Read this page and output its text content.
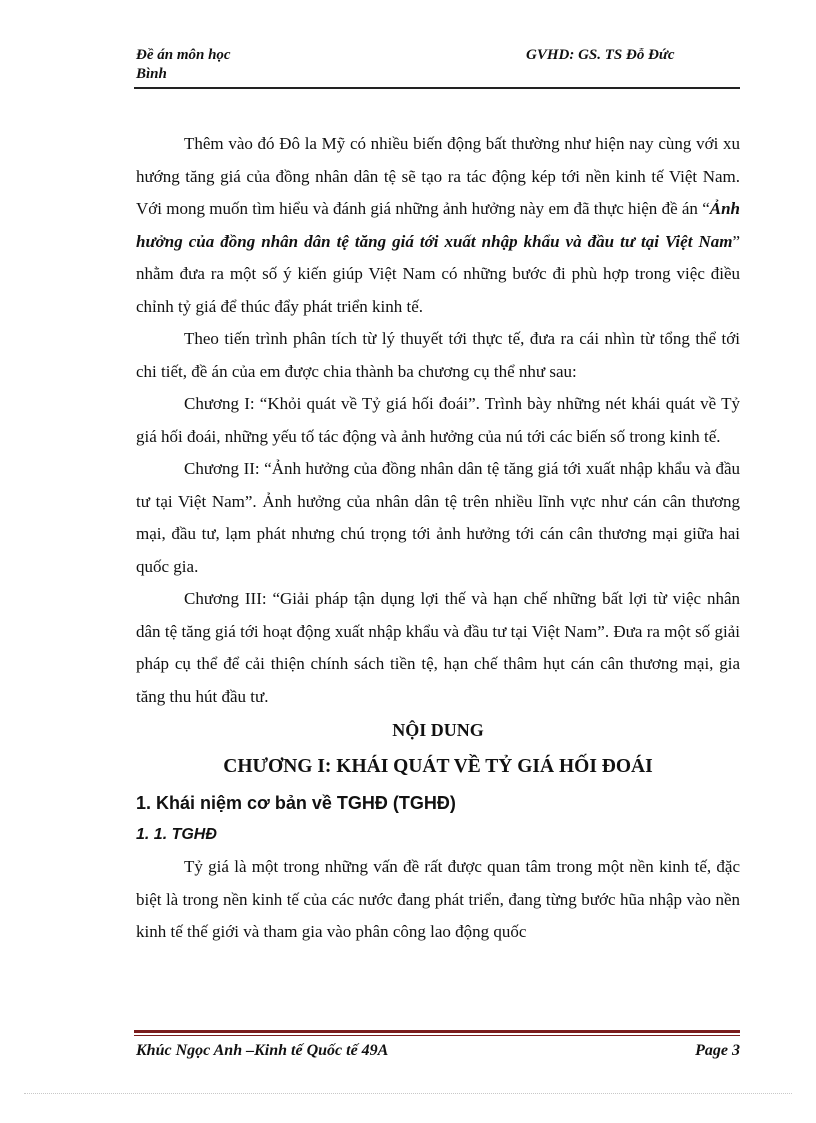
Đề án môn học	GVHD: GS. TS Đỗ Đức
Bình

Thêm vào đó Đô la Mỹ có nhiều biến động bất thường như hiện nay cùng với xu hướng tăng giá của đồng nhân dân tệ sẽ tạo ra tác động kép tới nền kinh tế Việt Nam. Với mong muốn tìm hiểu và đánh giá những ảnh hưởng này em đã thực hiện đề án “Ảnh hưởng của đồng nhân dân tệ tăng giá tới xuất nhập khẩu và đầu tư tại Việt Nam” nhằm đưa ra một số ý kiến giúp Việt Nam có những bước đi phù hợp trong việc điều chỉnh tỷ giá để thúc đẩy phát triển kinh tế.

Theo tiến trình phân tích từ lý thuyết tới thực tế, đưa ra cái nhìn từ tổng thể tới chi tiết, đề án của em được chia thành ba chương cụ thể như sau:

Chương I: “Khỏi quát về Tỷ giá hối đoái”. Trình bày những nét khái quát về Tỷ giá hối đoái, những yếu tố tác động và ảnh hưởng của nú tới các biến số trong kinh tế.

Chương II: “Ảnh hưởng của đồng nhân dân tệ tăng giá tới xuất nhập khẩu và đầu tư tại Việt Nam”. Ảnh hưởng của nhân dân tệ trên nhiều lĩnh vực như cán cân thương mại, đầu tư, lạm phát nhưng chú trọng tới ảnh hưởng tới cán cân thương mại giữa hai quốc gia.

Chương III: “Giải pháp tận dụng lợi thế và hạn chế những bất lợi từ việc nhân dân tệ tăng giá tới hoạt động xuất nhập khẩu và đầu tư tại Việt Nam”. Đưa ra một số giải pháp cụ thể để cải thiện chính sách tiền tệ, hạn chế thâm hụt cán cân thương mại, gia tăng thu hút đầu tư.

NỘI DUNG

CHƯƠNG I: KHÁI QUÁT VỀ TỶ GIÁ HỐI ĐOÁI

1. Khái niệm cơ bản về TGHĐ (TGHĐ)

1. 1. TGHĐ

Tỷ giá là một trong những vấn đề rất được quan tâm trong một nền kinh tế, đặc biệt là trong nền kinh tế của các nước đang phát triển, đang từng bước hũa nhập vào nền kinh tế thế giới và tham gia vào phân công lao động quốc

Khúc Ngọc Anh –Kinh tế Quốc tế 49A	Page 3
